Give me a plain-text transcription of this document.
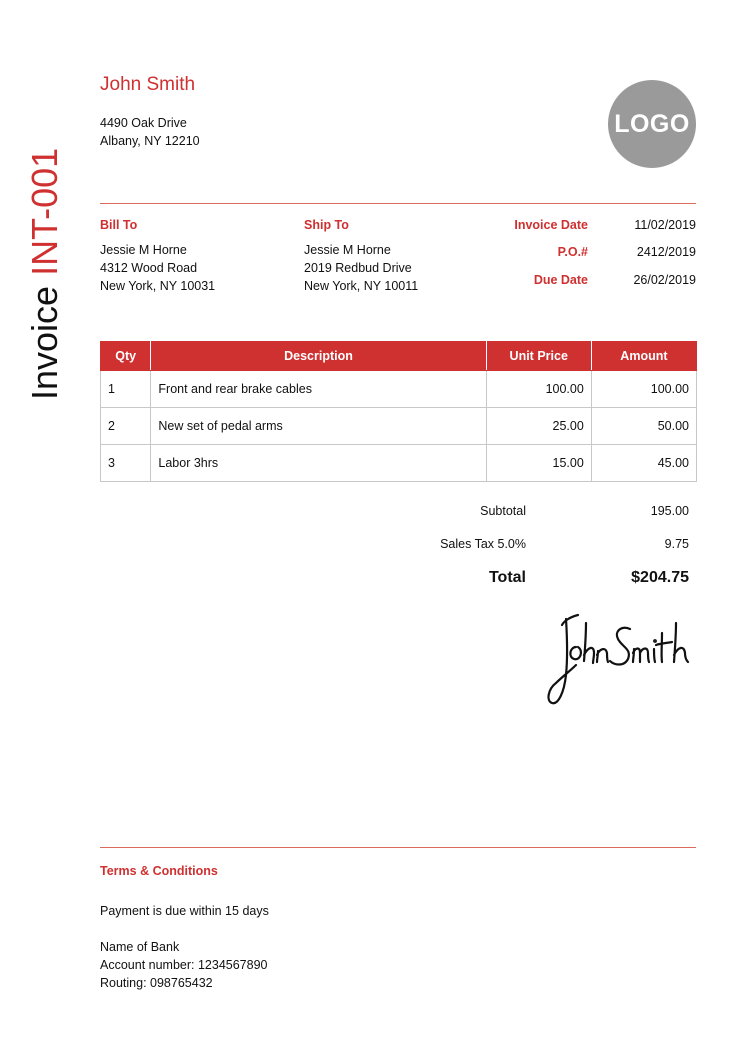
Invoice INT-001
John Smith
4490 Oak Drive
Albany, NY 12210
LOGO
Bill To
Jessie M Horne
4312 Wood Road
New York, NY 10031
Ship To
Jessie M Horne
2019 Redbud Drive
New York, NY 10011
Invoice Date	11/02/2019
P.O.#	2412/2019
Due Date	26/02/2019
Qty	Description	Unit Price	Amount
1	Front and rear brake cables	100.00	100.00
2	New set of pedal arms	25.00	50.00
3	Labor 3hrs	15.00	45.00
Subtotal	195.00
Sales Tax 5.0%	9.75
Total	$204.75
Terms & Conditions
Payment is due within 15 days
Name of Bank
Account number: 1234567890
Routing: 098765432
